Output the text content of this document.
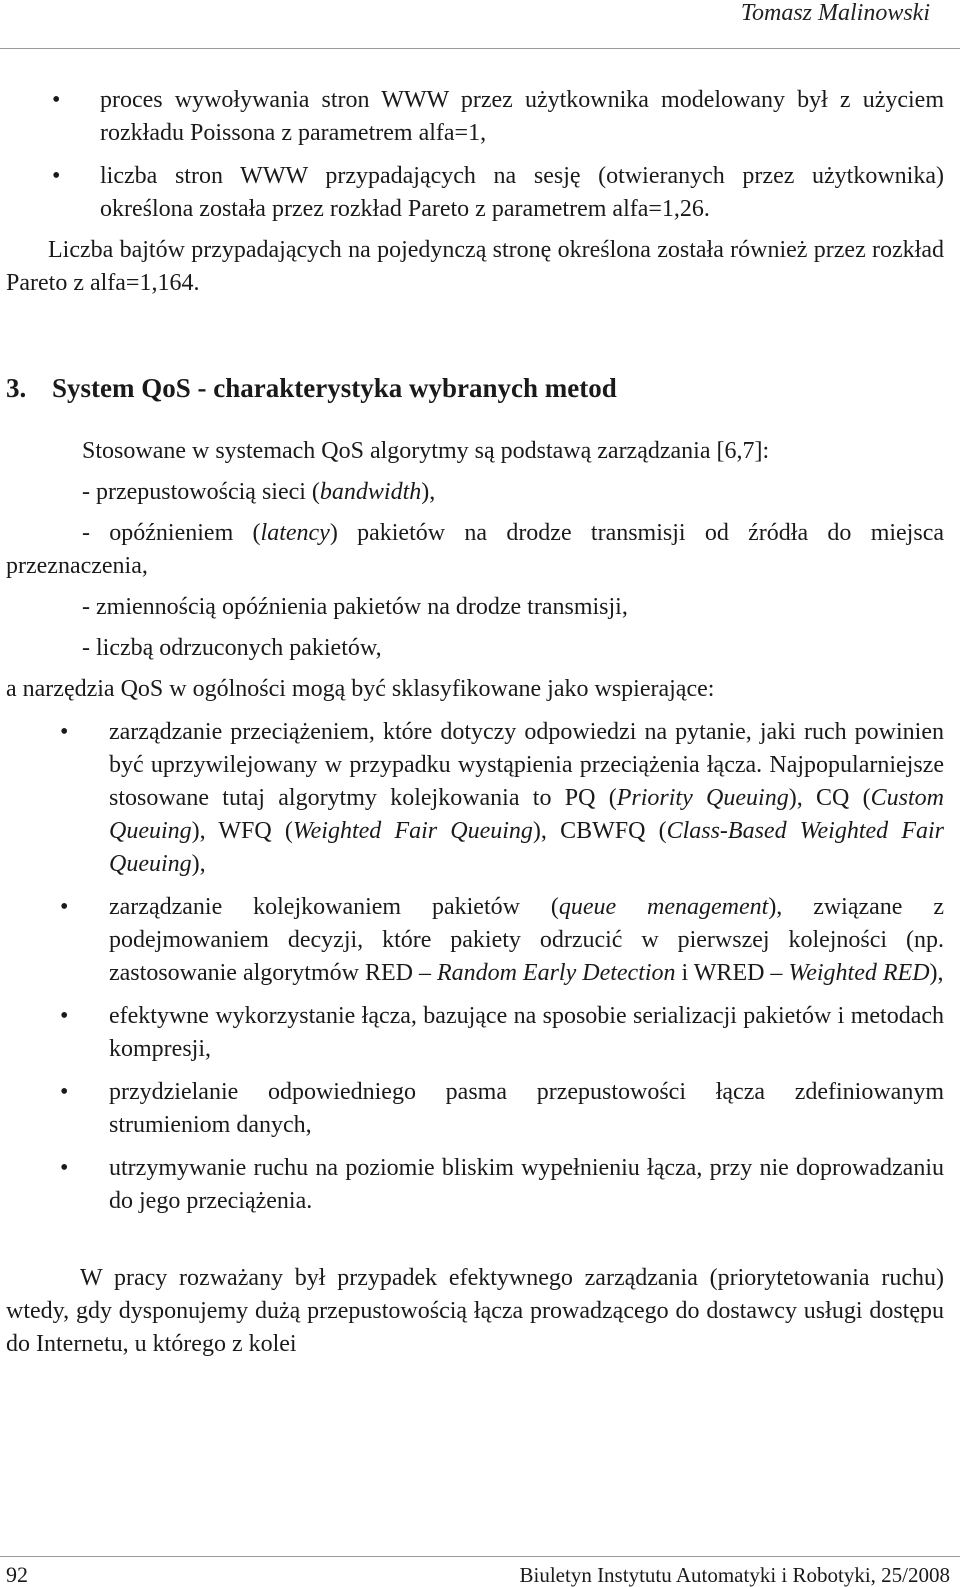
Tomasz Malinowski
• proces wywoływania stron WWW przez użytkownika modelowany był z użyciem rozkładu Poissona z parametrem alfa=1,
• liczba stron WWW przypadających na sesję (otwieranych przez użytkownika) określona została przez rozkład Pareto z parametrem alfa=1,26.

Liczba bajtów przypadających na pojedynczą stronę określona została również przez rozkład Pareto z alfa=1,164.

3. System QoS - charakterystyka wybranych metod

Stosowane w systemach QoS algorytmy są podstawą zarządzania [6,7]:

- przepustowością sieci (bandwidth),
- opóźnieniem (latency) pakietów na drodze transmisji od źródła do miejsca przeznaczenia,
- zmiennością opóźnienia pakietów na drodze transmisji,
- liczbą odrzuconych pakietów,

a narzędzia QoS w ogólności mogą być sklasyfikowane jako wspierające:

• zarządzanie przeciążeniem, które dotyczy odpowiedzi na pytanie, jaki ruch powinien być uprzywilejowany w przypadku wystąpienia przeciążenia łącza. Najpopularniejsze stosowane tutaj algorytmy kolejkowania to PQ (Priority Queuing), CQ (Custom Queuing), WFQ (Weighted Fair Queuing), CBWFQ (Class-Based Weighted Fair Queuing),
• zarządzanie kolejkowaniem pakietów (queue menagement), związane z podejmowaniem decyzji, które pakiety odrzucić w pierwszej kolejności (np. zastosowanie algorytmów RED – Random Early Detection i WRED – Weighted RED),
• efektywne wykorzystanie łącza, bazujące na sposobie serializacji pakietów i metodach kompresji,
• przydzielanie odpowiedniego pasma przepustowości łącza zdefiniowanym strumieniom danych,
• utrzymywanie ruchu na poziomie bliskim wypełnieniu łącza, przy nie doprowadzaniu do jego przeciążenia.

W pracy rozważany był przypadek efektywnego zarządzania (priorytetowania ruchu) wtedy, gdy dysponujemy dużą przepustowością łącza prowadzącego do dostawcy usługi dostępu do Internetu, u którego z kolei

92	Biuletyn Instytutu Automatyki i Robotyki, 25/2008
